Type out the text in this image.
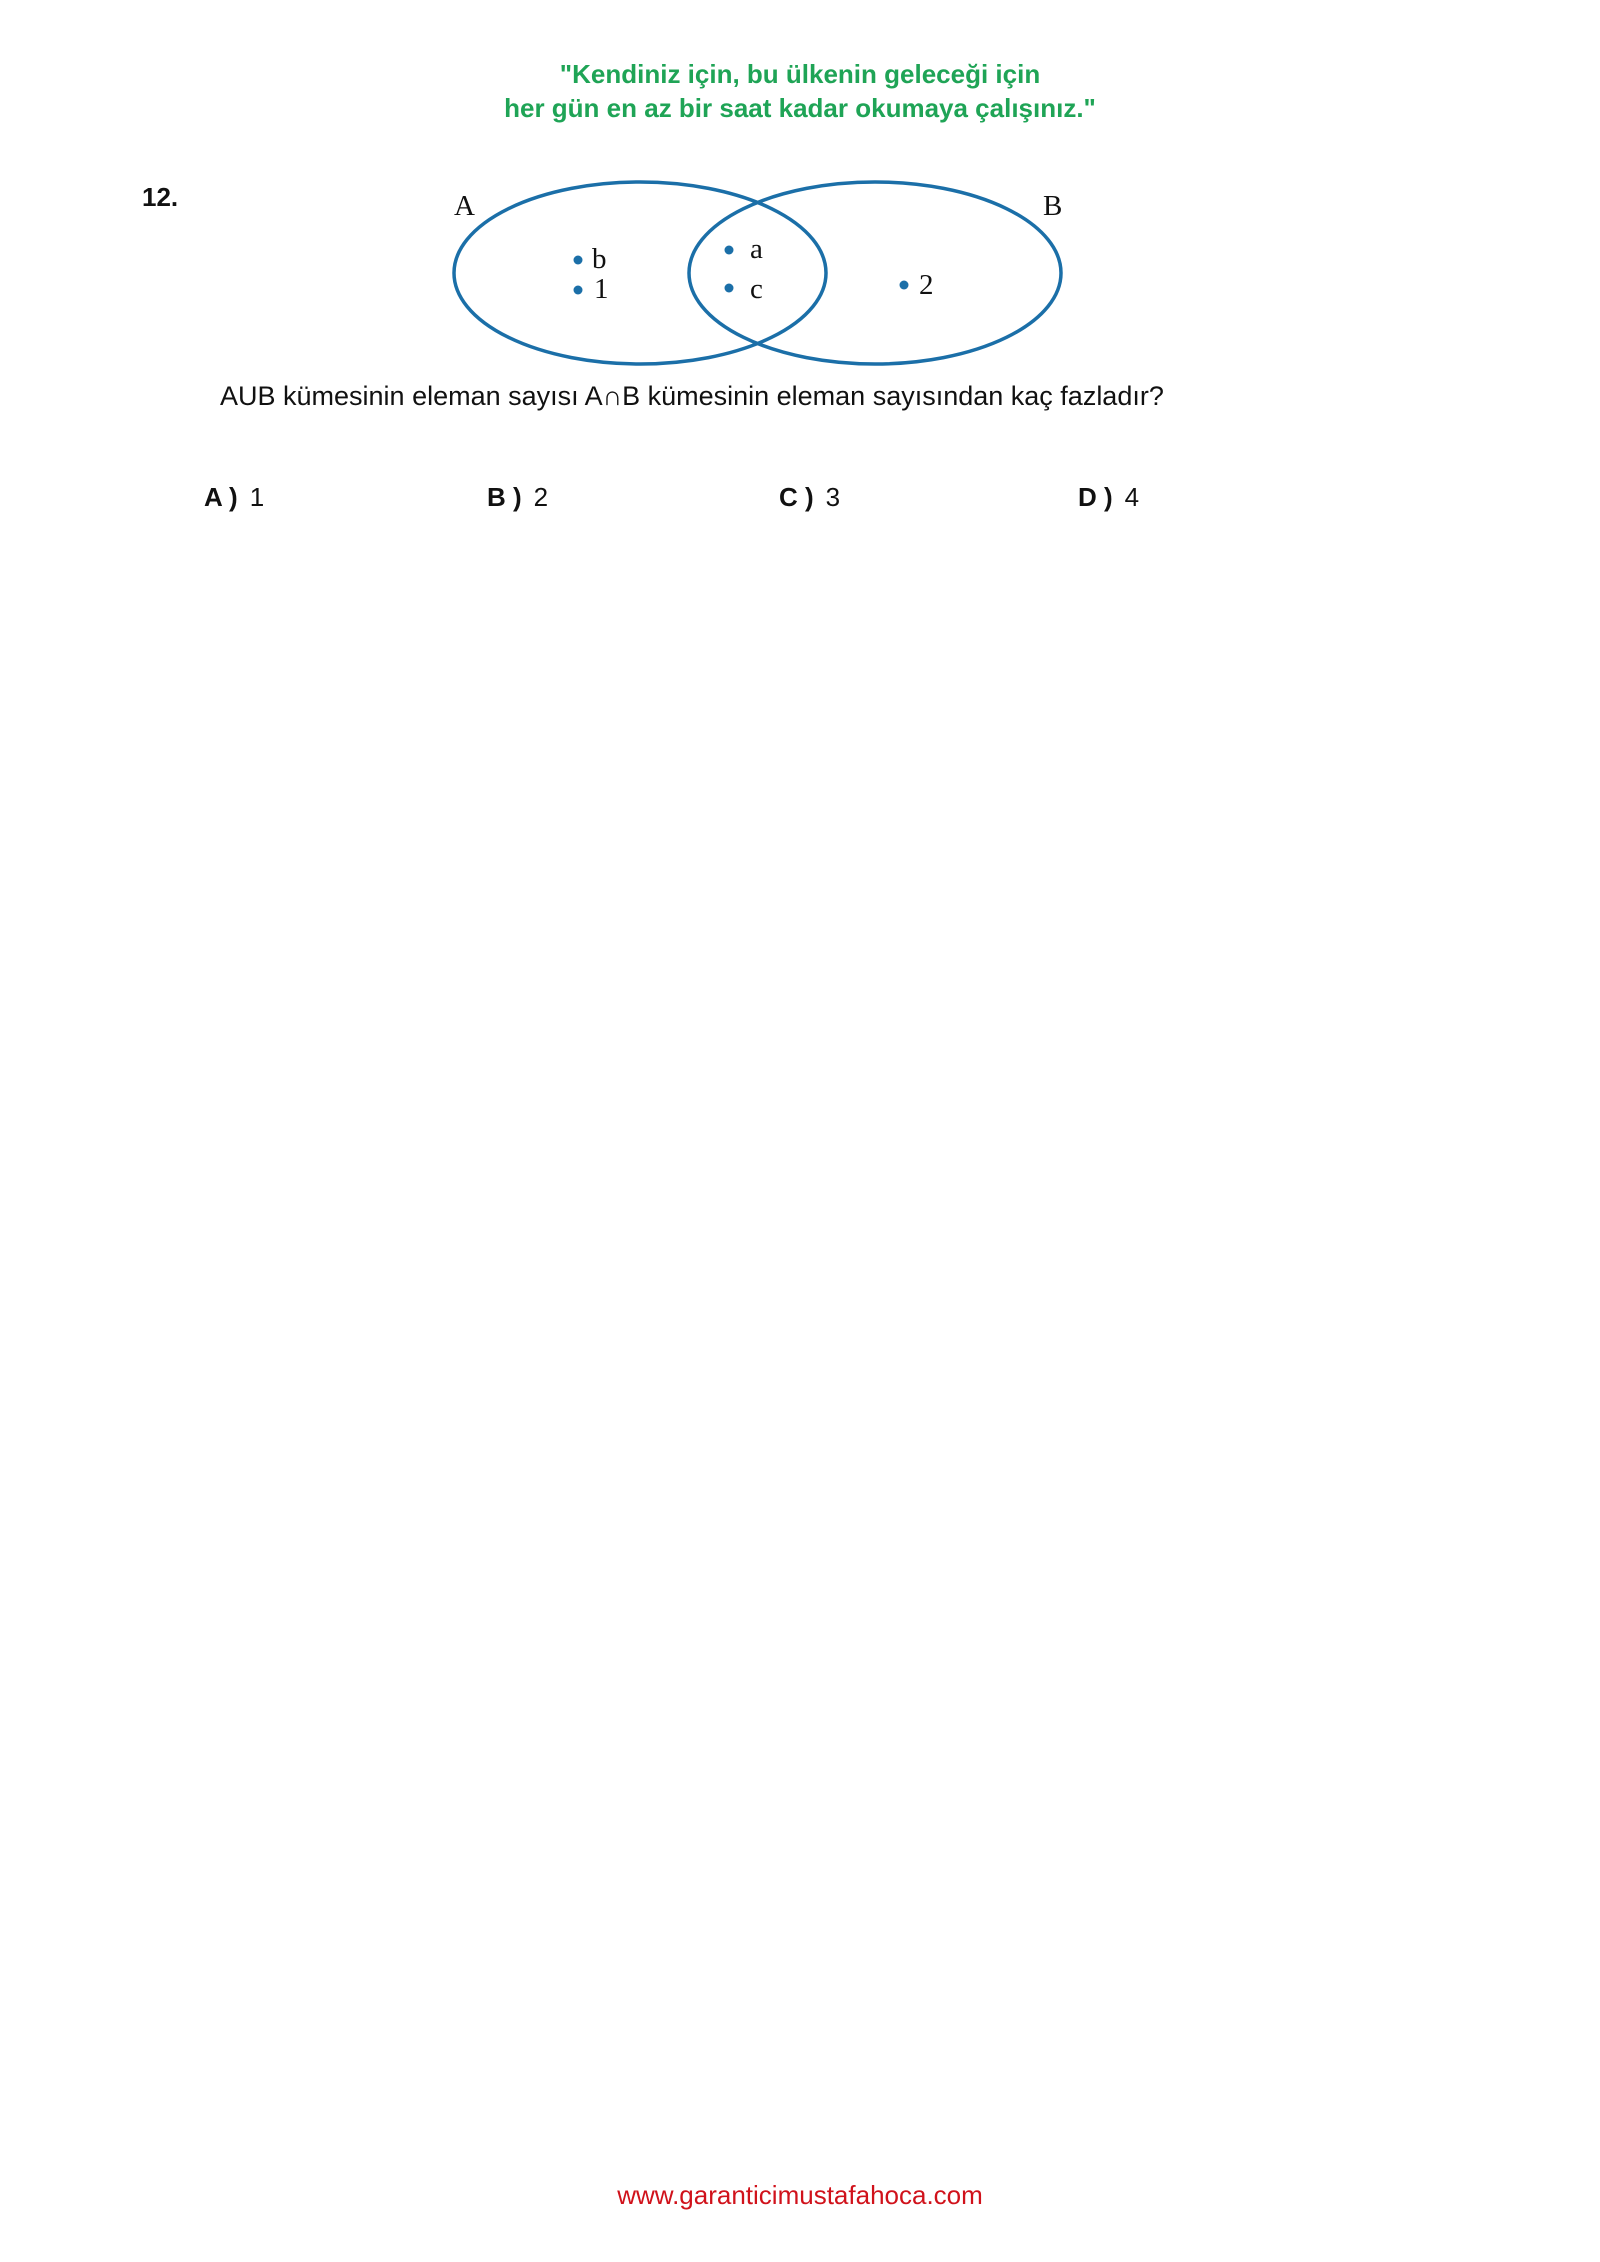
"Kendiniz için, bu ülkenin geleceği için
her gün en az bir saat kadar okumaya çalışınız."
12.	A	B
b
1
a
c	2
AUB kümesinin eleman sayısı A∩B kümesinin eleman sayısından kaç fazladır?
A ) 1	B ) 2	C ) 3	D ) 4
www.garanticimustafahoca.com
